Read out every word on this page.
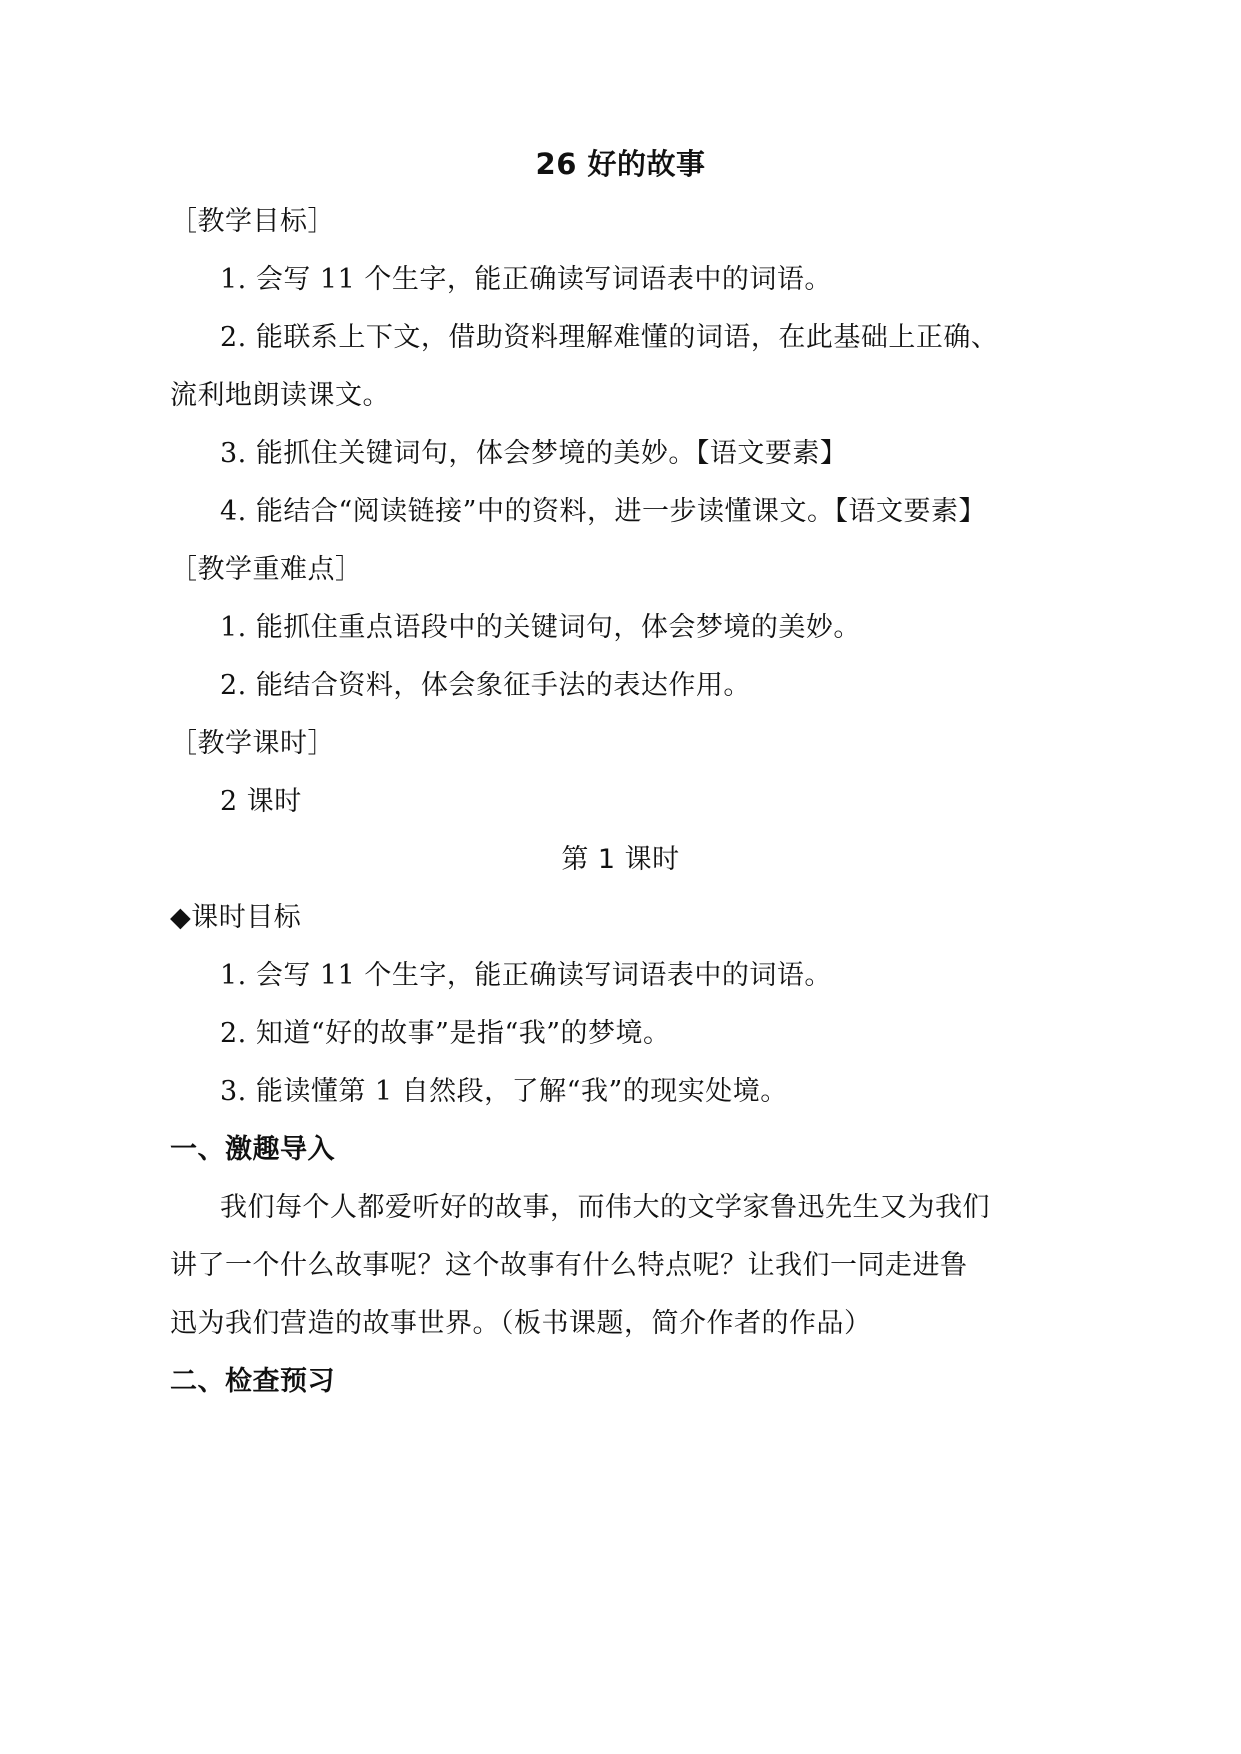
26 好的故事
［教学目标］
1. 会写 11 个生字，能正确读写词语表中的词语。
2. 能联系上下文，借助资料理解难懂的词语，在此基础上正确、
流利地朗读课文。
3. 能抓住关键词句，体会梦境的美妙。【语文要素】
4. 能结合“阅读链接”中的资料，进一步读懂课文。【语文要素】
［教学重难点］
1. 能抓住重点语段中的关键词句，体会梦境的美妙。
2. 能结合资料，体会象征手法的表达作用。
［教学课时］
2 课时
第 1 课时
◆课时目标
1. 会写 11 个生字，能正确读写词语表中的词语。
2. 知道“好的故事”是指“我”的梦境。
3. 能读懂第 1 自然段，了解“我”的现实处境。
一、激趣导入
我们每个人都爱听好的故事，而伟大的文学家鲁迅先生又为我们
讲了一个什么故事呢？这个故事有什么特点呢？让我们一同走进鲁
迅为我们营造的故事世界。（板书课题，简介作者的作品）
二、检查预习
